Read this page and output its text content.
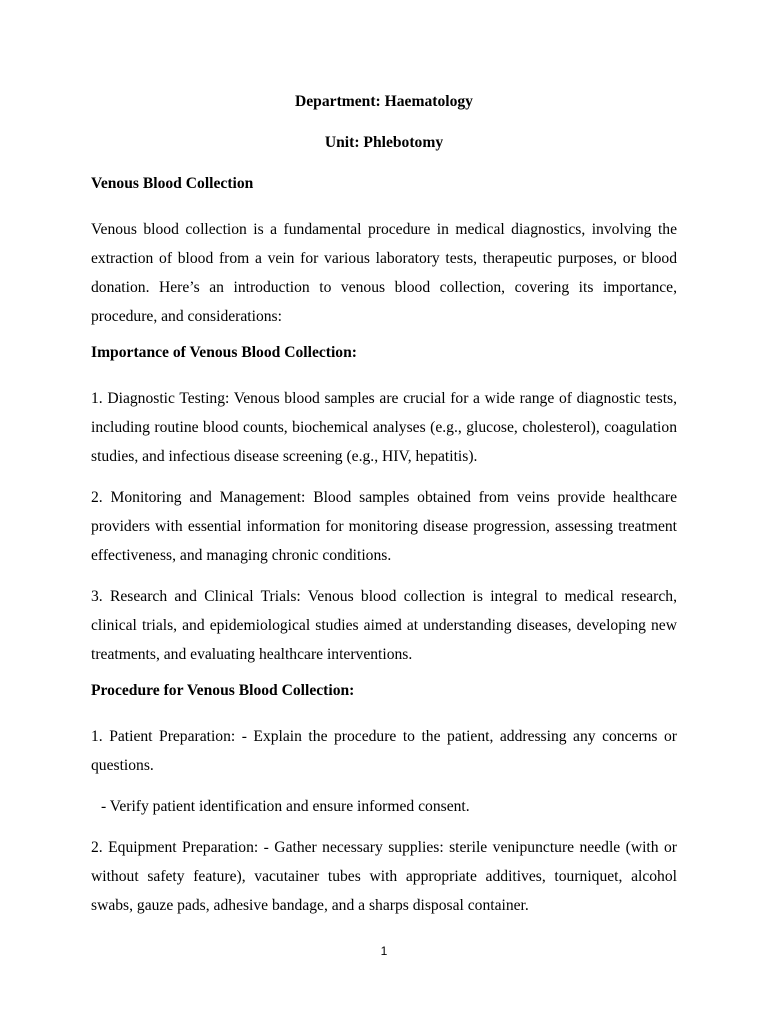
Department: Haematology

Unit: Phlebotomy

Venous Blood Collection

Venous blood collection is a fundamental procedure in medical diagnostics, involving the extraction of blood from a vein for various laboratory tests, therapeutic purposes, or blood donation. Here’s an introduction to venous blood collection, covering its importance, procedure, and considerations:

Importance of Venous Blood Collection:

1. Diagnostic Testing: Venous blood samples are crucial for a wide range of diagnostic tests, including routine blood counts, biochemical analyses (e.g., glucose, cholesterol), coagulation studies, and infectious disease screening (e.g., HIV, hepatitis).

2. Monitoring and Management: Blood samples obtained from veins provide healthcare providers with essential information for monitoring disease progression, assessing treatment effectiveness, and managing chronic conditions.

3. Research and Clinical Trials: Venous blood collection is integral to medical research, clinical trials, and epidemiological studies aimed at understanding diseases, developing new treatments, and evaluating healthcare interventions.

Procedure for Venous Blood Collection:

1. Patient Preparation: - Explain the procedure to the patient, addressing any concerns or questions.

- Verify patient identification and ensure informed consent.

2. Equipment Preparation: - Gather necessary supplies: sterile venipuncture needle (with or without safety feature), vacutainer tubes with appropriate additives, tourniquet, alcohol swabs, gauze pads, adhesive bandage, and a sharps disposal container.

1
